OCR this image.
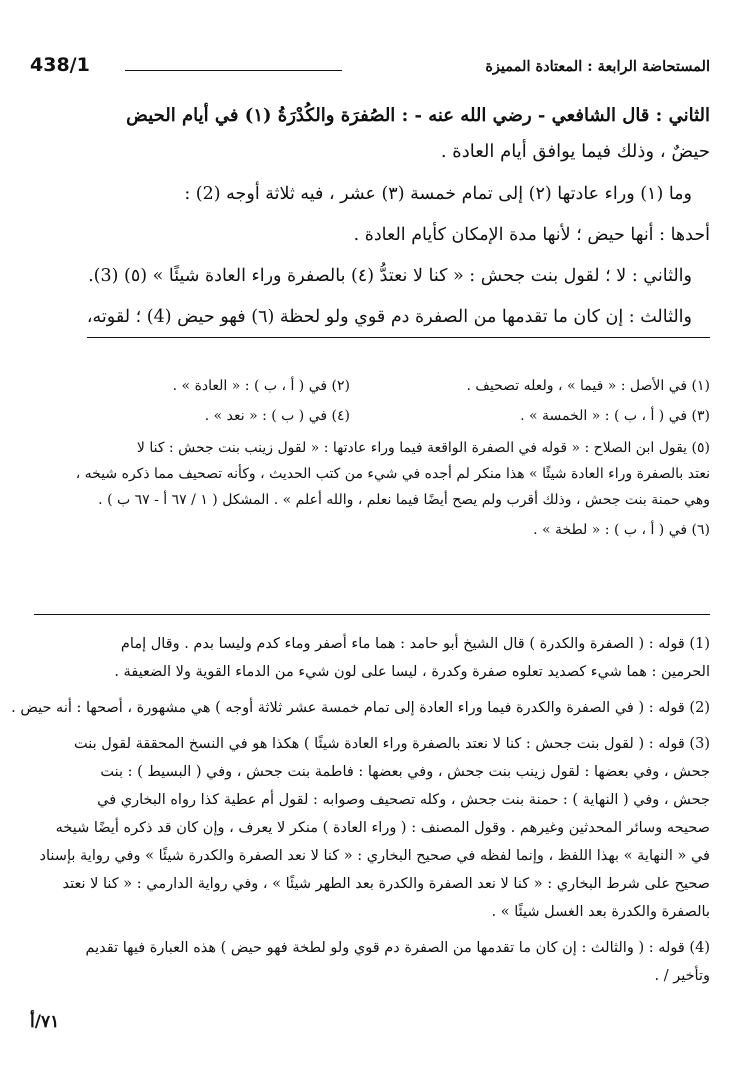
438/1	المستحاضة الرابعة : المعتادة المميزة
الثاني : قال الشافعي - رضي الله عنه - : الصُفرَة والكُدْرَةُ (١) في أيام الحيض
حيضٌ ، وذلك فيما يوافق أيام العادة .
وما (١) وراء عادتها (٢) إلى تمام خمسة (٣) عشر ، فيه ثلاثة أوجه (2) :
أحدها : أنها حيض ؛ لأنها مدة الإمكان كأيام العادة .
والثاني : لا ؛ لقول بنت جحش : « كنا لا نعتدُّ (٤) بالصفرة وراء العادة شيئًا » (٥) (3).
والثالث : إن كان ما تقدمها من الصفرة دم قوي ولو لحظة (٦) فهو حيض (4) ؛ لقوته،
(١) في الأصل : « فيما » ، ولعله تصحيف .
(٢) في ( أ ، ب ) : « العادة » .
(٣) في ( أ ، ب ) : « الخمسة » .
(٤) في ( ب ) : « نعد » .
(٥) يقول ابن الصلاح : « قوله في الصفرة الواقعة فيما وراء عادتها : « لقول زينب بنت جحش : كنا لا
نعتد بالصفرة وراء العادة شيئًا » هذا منكر لم أجده في شيء من كتب الحديث ، وكأنه تصحيف مما ذكره شيخه ،
وهي حمنة بنت جحش ، وذلك أقرب ولم يصح أيضًا فيما نعلم ، والله أعلم » . المشكل ( ١ / ٦٧ أ - ٦٧ ب ) .
(٦) في ( أ ، ب ) : « لطخة » .
(1) قوله : ( الصفرة والكدرة ) قال الشيخ أبو حامد : هما ماء أصفر وماء كدم وليسا بدم . وقال إمام
الحرمين : هما شيء كصديد تعلوه صفرة وكدرة ، ليسا على لون شيء من الدماء القوية ولا الضعيفة .
(2) قوله : ( في الصفرة والكدرة فيما وراء العادة إلى تمام خمسة عشر ثلاثة أوجه ) هي مشهورة ، أصحها : أنه حيض .
(3) قوله : ( لقول بنت جحش : كنا لا نعتد بالصفرة وراء العادة شيئًا ) هكذا هو في النسخ المحققة لقول بنت
جحش ، وفي بعضها : لقول زينب بنت جحش ، وفي بعضها : فاطمة بنت جحش ، وفي ( البسيط ) : بنت
جحش ، وفي ( النهاية ) : حمنة بنت جحش ، وكله تصحيف وصوابه : لقول أم عطية كذا رواه البخاري في
صحيحه وسائر المحدثين وغيرهم . وقول المصنف : ( وراء العادة ) منكر لا يعرف ، وإن كان قد ذكره أيضًا شيخه
في « النهاية » بهذا اللفظ ، وإنما لفظه في صحيح البخاري : « كنا لا نعد الصفرة والكدرة شيئًا » وفي رواية بإسناد
صحيح على شرط البخاري : « كنا لا نعد الصفرة والكدرة بعد الطهر شيئًا » ، وفي رواية الدارمي : « كنا لا نعتد
بالصفرة والكدرة بعد الغسل شيئًا » .
(4) قوله : ( والثالث : إن كان ما تقدمها من الصفرة دم قوي ولو لطخة فهو حيض ) هذه العبارة فيها تقديم
وتأخير / .
٧١/أ
